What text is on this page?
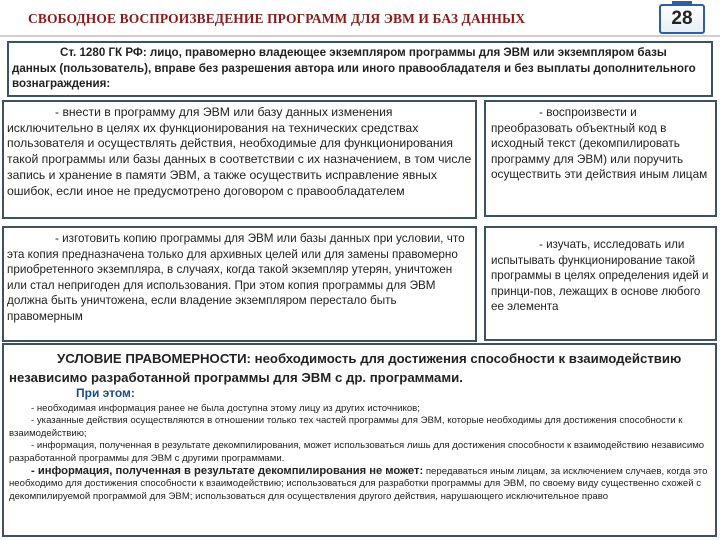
СВОБОДНОЕ ВОСПРОИЗВЕДЕНИЕ ПРОГРАММ ДЛЯ ЭВМ И БАЗ ДАННЫХ	28

Ст. 1280 ГК РФ: лицо, правомерно владеющее экземпляром программы для ЭВМ или экземпляром базы данных (пользователь), вправе без разрешения автора или иного правообладателя и без выплаты дополнительного вознаграждения:

- внести в программу для ЭВМ или базу данных изменения исключительно в целях их функционирования на технических средствах пользователя и осуществлять действия, необходимые для функционирования такой программы или базы данных в соответствии с их назначением, в том числе запись и хранение в памяти ЭВМ, а также осуществить исправление явных ошибок, если иное не предусмотрено договором с правообладателем

- воспроизвести и преобразовать объектный код в исходный текст (декомпилировать программу для ЭВМ) или поручить осуществить эти действия иным лицам

- изготовить копию программы для ЭВМ или базы данных при условии, что эта копия предназначена только для архивных целей или для замены правомерно приобретенного экземпляра, в случаях, когда такой экземпляр утерян, уничтожен или стал непригоден для использования. При этом копия программы для ЭВМ должна быть уничтожена, если владение экземпляром перестало быть правомерным

- изучать, исследовать или испытывать функционирование такой программы в целях определения идей и принци-пов, лежащих в основе любого ее элемента

УСЛОВИЕ ПРАВОМЕРНОСТИ: необходимость для достижения способности к взаимодействию независимо разработанной программы для ЭВМ с др. программами.

При этом:

- необходимая информация ранее не была доступна этому лицу из других источников;
- указанные действия осуществляются в отношении только тех частей программы для ЭВМ, которые необходимы для достижения способности к взаимодействию;
- информация, полученная в результате декомпилирования, может использоваться лишь для достижения способности к взаимодействию независимо разработанной программы для ЭВМ с другими программами.
- информация, полученная в результате декомпилирования не может: передаваться иным лицам, за исключением случаев, когда это необходимо для достижения способности к взаимодействию; использоваться для разработки программы для ЭВМ, по своему виду существенно схожей с декомпилируемой программой для ЭВМ; использоваться для осуществления другого действия, нарушающего исключительное право
